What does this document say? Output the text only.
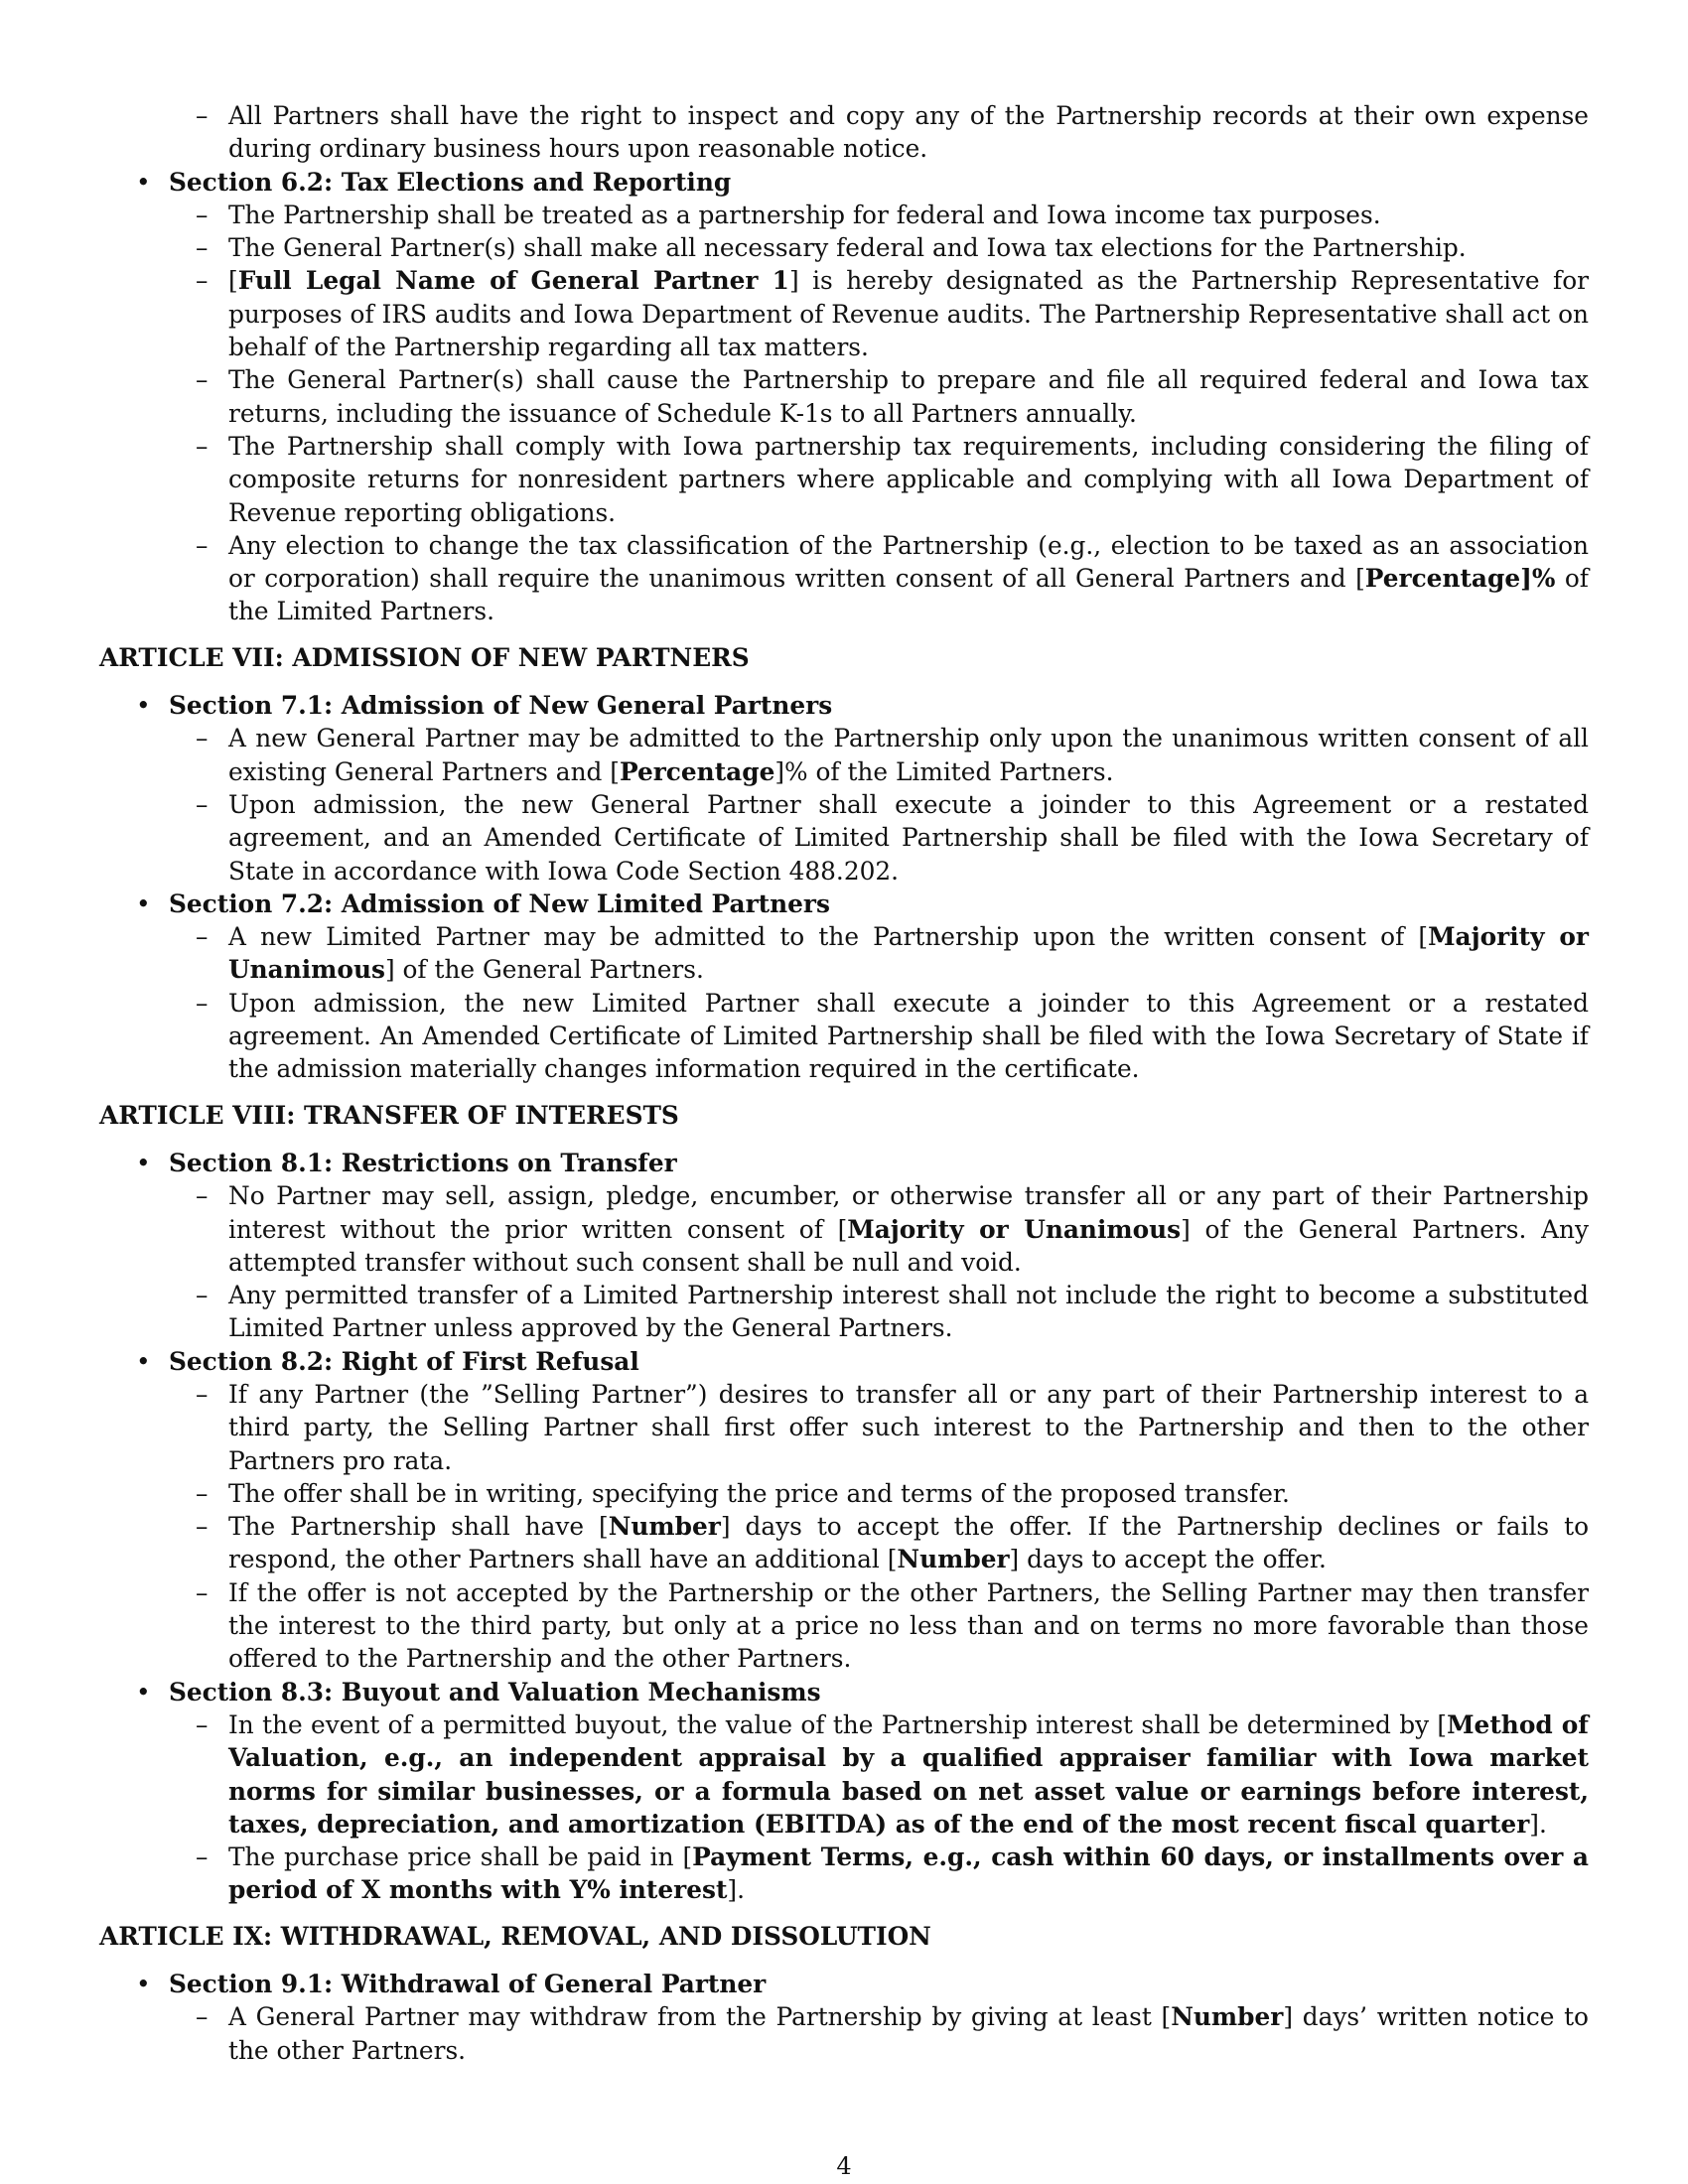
– All Partners shall have the right to inspect and copy any of the Partnership records at their own expense during ordinary business hours upon reasonable notice.
• Section 6.2: Tax Elections and Reporting
– The Partnership shall be treated as a partnership for federal and Iowa income tax purposes.
– The General Partner(s) shall make all necessary federal and Iowa tax elections for the Partnership.
– [Full Legal Name of General Partner 1] is hereby designated as the Partnership Representative for purposes of IRS audits and Iowa Department of Revenue audits. The Partnership Representative shall act on behalf of the Partnership regarding all tax matters.
– The General Partner(s) shall cause the Partnership to prepare and file all required federal and Iowa tax returns, including the issuance of Schedule K-1s to all Partners annually.
– The Partnership shall comply with Iowa partnership tax requirements, including considering the filing of composite returns for nonresident partners where applicable and complying with all Iowa Department of Revenue reporting obligations.
– Any election to change the tax classification of the Partnership (e.g., election to be taxed as an association or corporation) shall require the unanimous written consent of all General Partners and [Percentage]% of the Limited Partners.
ARTICLE VII: ADMISSION OF NEW PARTNERS
• Section 7.1: Admission of New General Partners
– A new General Partner may be admitted to the Partnership only upon the unanimous written consent of all existing General Partners and [Percentage]% of the Limited Partners.
– Upon admission, the new General Partner shall execute a joinder to this Agreement or a restated agreement, and an Amended Certificate of Limited Partnership shall be filed with the Iowa Secretary of State in accordance with Iowa Code Section 488.202.
• Section 7.2: Admission of New Limited Partners
– A new Limited Partner may be admitted to the Partnership upon the written consent of [Majority or Unanimous] of the General Partners.
– Upon admission, the new Limited Partner shall execute a joinder to this Agreement or a restated agreement. An Amended Certificate of Limited Partnership shall be filed with the Iowa Secretary of State if the admission materially changes information required in the certificate.
ARTICLE VIII: TRANSFER OF INTERESTS
• Section 8.1: Restrictions on Transfer
– No Partner may sell, assign, pledge, encumber, or otherwise transfer all or any part of their Partnership interest without the prior written consent of [Majority or Unanimous] of the General Partners. Any attempted transfer without such consent shall be null and void.
– Any permitted transfer of a Limited Partnership interest shall not include the right to become a substituted Limited Partner unless approved by the General Partners.
• Section 8.2: Right of First Refusal
– If any Partner (the ”Selling Partner”) desires to transfer all or any part of their Partnership interest to a third party, the Selling Partner shall first offer such interest to the Partnership and then to the other Partners pro rata.
– The offer shall be in writing, specifying the price and terms of the proposed transfer.
– The Partnership shall have [Number] days to accept the offer. If the Partnership declines or fails to respond, the other Partners shall have an additional [Number] days to accept the offer.
– If the offer is not accepted by the Partnership or the other Partners, the Selling Partner may then transfer the interest to the third party, but only at a price no less than and on terms no more favorable than those offered to the Partnership and the other Partners.
• Section 8.3: Buyout and Valuation Mechanisms
– In the event of a permitted buyout, the value of the Partnership interest shall be determined by [Method of Valuation, e.g., an independent appraisal by a qualified appraiser familiar with Iowa market norms for similar businesses, or a formula based on net asset value or earnings before interest, taxes, depreciation, and amortization (EBITDA) as of the end of the most recent fiscal quarter].
– The purchase price shall be paid in [Payment Terms, e.g., cash within 60 days, or installments over a period of X months with Y% interest].
ARTICLE IX: WITHDRAWAL, REMOVAL, AND DISSOLUTION
• Section 9.1: Withdrawal of General Partner
– A General Partner may withdraw from the Partnership by giving at least [Number] days’ written notice to the other Partners.
4
